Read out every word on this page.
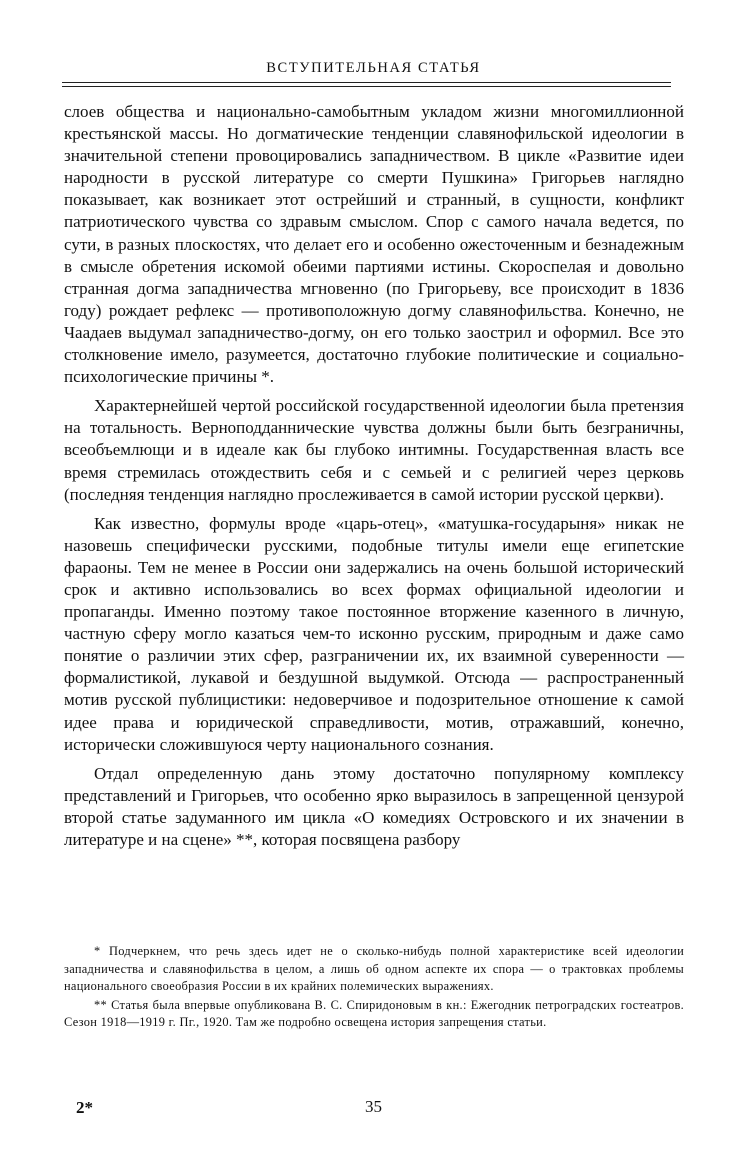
ВСТУПИТЕЛЬНАЯ СТАТЬЯ

слоев общества и национально-самобытным укладом жизни многомиллионной крестьянской массы. Но догматические тенденции славянофильской идеологии в значительной степени провоцировались западничеством. В цикле «Развитие идеи народности в русской литературе со смерти Пушкина» Григорьев наглядно показывает, как возникает этот острейший и странный, в сущности, конфликт патриотического чувства со здравым смыслом. Спор с самого начала ведется, по сути, в разных плоскостях, что делает его и особенно ожесточенным и безнадежным в смысле обретения искомой обеими партиями истины. Скороспелая и довольно странная догма западничества мгновенно (по Григорьеву, все происходит в 1836 году) рождает рефлекс — противоположную догму славянофильства. Конечно, не Чаадаев выдумал западничество-догму, он его только заострил и оформил. Все это столкновение имело, разумеется, достаточно глубокие политические и социально-психологические причины *.

Характернейшей чертой российской государственной идеологии была претензия на тотальность. Верноподданнические чувства должны были быть безграничны, всеобъемлющи и в идеале как бы глубоко интимны. Государственная власть все время стремилась отождествить себя и с семьей и с религией через церковь (последняя тенденция наглядно прослеживается в самой истории русской церкви).

Как известно, формулы вроде «царь-отец», «матушка-государыня» никак не назовешь специфически русскими, подобные титулы имели еще египетские фараоны. Тем не менее в России они задержались на очень большой исторический срок и активно использовались во всех формах официальной идеологии и пропаганды. Именно поэтому такое постоянное вторжение казенного в личную, частную сферу могло казаться чем-то исконно русским, природным и даже само понятие о различии этих сфер, разграничении их, их взаимной суверенности — формалистикой, лукавой и бездушной выдумкой. Отсюда — распространенный мотив русской публицистики: недоверчивое и подозрительное отношение к самой идее права и юридической справедливости, мотив, отражавший, конечно, исторически сложившуюся черту национального сознания.

Отдал определенную дань этому достаточно популярному комплексу представлений и Григорьев, что особенно ярко выразилось в запрещенной цензурой второй статье задуманного им цикла «О комедиях Островского и их значении в литературе и на сцене» **, которая посвящена разбору

* Подчеркнем, что речь здесь идет не о сколько-нибудь полной характеристике всей идеологии западничества и славянофильства в целом, а лишь об одном аспекте их спора — о трактовках проблемы национального своеобразия России в их крайних полемических выражениях.

** Статья была впервые опубликована В. С. Спиридоновым в кн.: Ежегодник петроградских гостеатров. Сезон 1918—1919 г. Пг., 1920. Там же подробно освещена история запрещения статьи.

2*	35
